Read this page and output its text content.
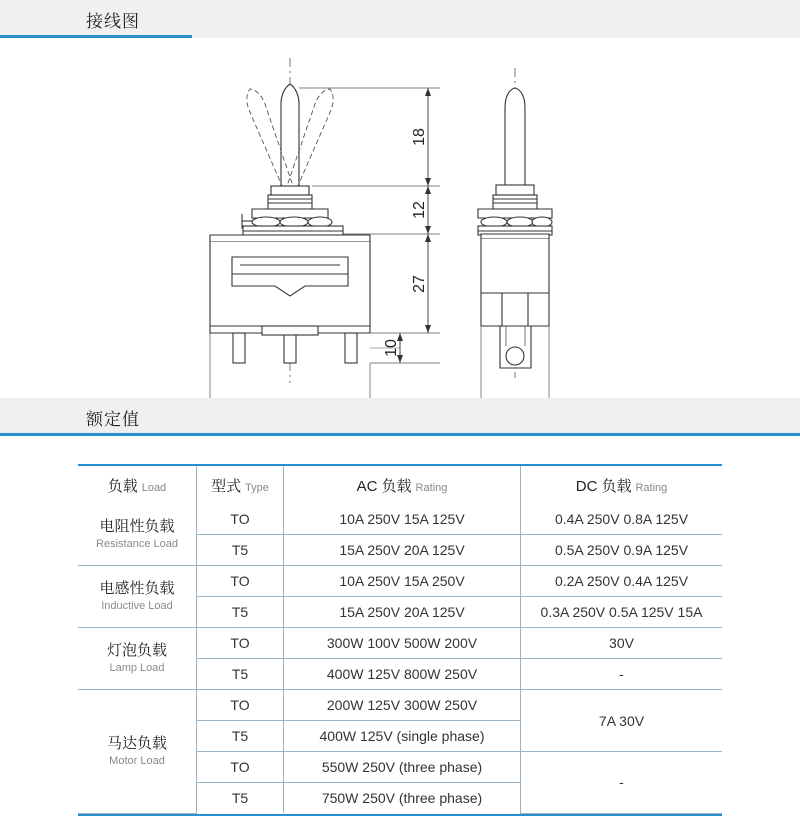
接线图
18
12
27
10
额定值
负载 Load	型式 Type	AC 负载 Rating	DC 负载 Rating

电阻性负载
Resistance Load	TO	10A 250V 15A 125V	0.4A 250V 0.8A 125V
	T5	15A 250V 20A 125V	0.5A 250V 0.9A 125V

电感性负载
Inductive Load	TO	10A 250V 15A 250V	0.2A 250V 0.4A 125V
	T5	15A 250V 20A 125V	0.3A 250V 0.5A 125V 15A

灯泡负载
Lamp Load	TO	300W 100V 500W 200V	30V
	T5	400W 125V 800W 250V	-

马达负载
Motor Load	TO	200W 125V 300W 250V	7A 30V
	T5	400W 125V (single phase)	
	TO	550W 250V (three phase)	-
	T5	750W 250V (three phase)	
